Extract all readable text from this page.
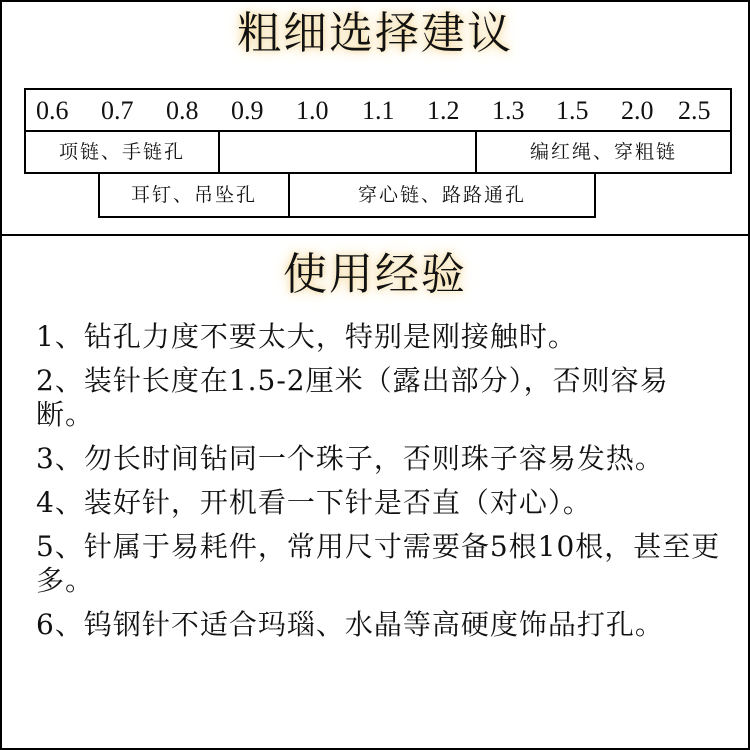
粗细选择建议
0.6 0.7 0.8 0.9 1.0 1.1 1.2 1.3 1.5 2.0 2.5
项链、手链孔	编红绳、穿粗链
耳钉、吊坠孔	穿心链、路路通孔
使用经验
1、钻孔力度不要太大，特别是刚接触时。
2、装针长度在1.5-2厘米（露出部分），否则容易断。
3、勿长时间钻同一个珠子，否则珠子容易发热。
4、装好针，开机看一下针是否直（对心）。
5、针属于易耗件，常用尺寸需要备5根10根，甚至更多。
6、钨钢针不适合玛瑙、水晶等高硬度饰品打孔。
